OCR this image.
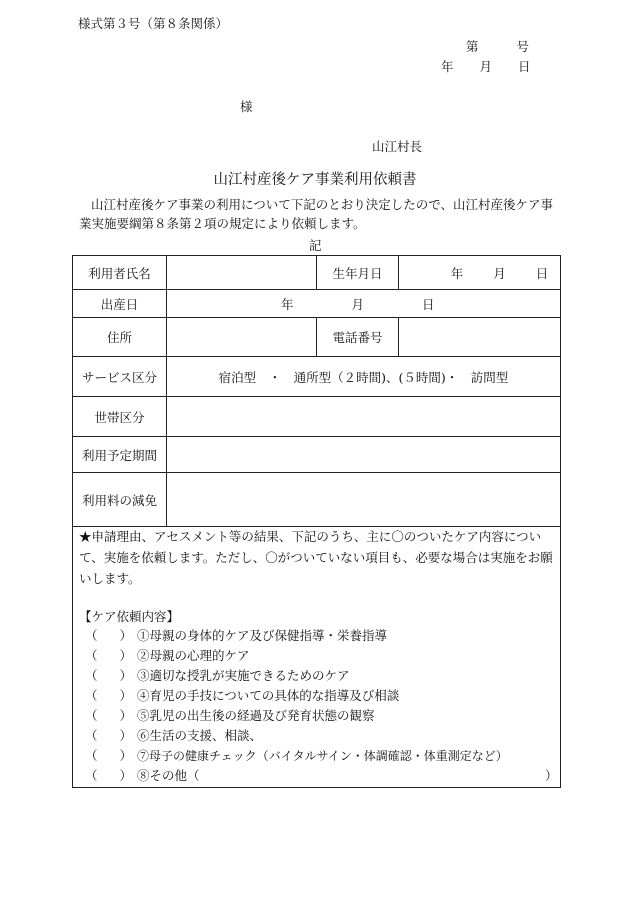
様式第３号（第８条関係）
第	号
年 月 日
様
山江村長
山江村産後ケア事業利用依頼書
山江村産後ケア事業の利用について下記のとおり決定したので、山江村産後ケア事業実施要綱第８条第２項の規定により依頼します。
記
利用者氏名		生年月日	年 月 日
出産日	年 月 日		
住所		電話番号	
サービス区分	宿泊型　・　通所型（２時間)、(５時間)・　訪問型		
世帯区分			
利用予定期間			
利用料の減免			
★申請理由、アセスメント等の結果、下記のうち、主に〇のついたケア内容について、実施を依頼します。ただし、〇がついていない項目も、必要な場合は実施をお願いします。
【ケア依頼内容】
（ ） ①母親の身体的ケア及び保健指導・栄養指導
（ ） ②母親の心理的ケア
（ ） ③適切な授乳が実施できるためのケア
（ ） ④育児の手技についての具体的な指導及び相談
（ ） ⑤乳児の出生後の経過及び発育状態の観察
（ ） ⑥生活の支援、相談、
（ ） ⑦母子の健康チェック（バイタルサイン・体調確認・体重測定など）
（ ） ⑧その他（	）
